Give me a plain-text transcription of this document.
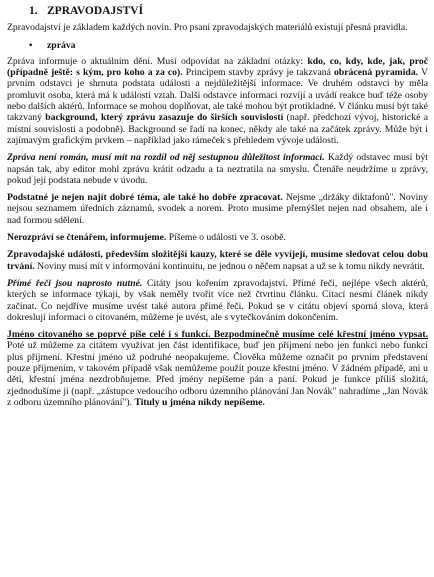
1. ZPRAVODAJSTVÍ

Zpravodajství je základem každých novin. Pro psaní zpravodajských materiálů existují přesná pravidla.

• zpráva

Zpráva informuje o aktuálním dění. Musí odpovídat na základní otázky: kdo, co, kdy, kde, jak, proč (případně ještě: s kým, pro koho a za co). Principem stavby zprávy je takzvaná obrácená pyramida. V prvním odstavci je shrnuta podstata události a nejdůležitější informace. Ve druhém odstavci by měla promluvit osoba, která má k události vztah. Další odstavce informaci rozvíjí a uvádí reakce buď téže osoby nebo dalších aktérů. Informace se mohou doplňovat, ale také mohou být protikladné. V článku musí být také takzvaný background, který zprávu zasazuje do širších souvislostí (např. předchozí vývoj, historické a místní souvislosti a podobně). Background se řadí na konec, někdy ale také na začátek zprávy. Může být i zajímavým grafickým prvkem – například jako rámeček s přehledem vývoje události.

Zpráva není román, musí mít na rozdíl od něj sestupnou důležitost informací. Každý odstavec musí být napsán tak, aby editor mohl zprávu krátit odzadu a ta neztratila na smyslu. Čtenáře neudržíme u zprávy, pokud její podstata nebude v úvodu.

Podstatné je nejen najít dobré téma, ale také ho dobře zpracovat. Nejsme „držáky diktafonů". Noviny nejsou seznamem úředních záznamů, svodek a norem. Proto musíme přemýšlet nejen nad obsahem, ale i nad formou sdělení.

Nerozpráví se čtenářem, informujeme. Píšeme o události ve 3. osobě.

Zpravodajské události, především složitější kauzy, které se děle vyvíjejí, musíme sledovat celou dobu trvání. Noviny musí mít v informování kontinuitu, ne jednou o něčem napsat a už se k tomu nikdy nevrátit.

Přímé řeči jsou naprosto nutné. Citáty jsou kořením zpravodajství. Přímé řeči, nejlépe všech aktérů, kterých se informace týkají, by však neměly tvořit více než čtvrtinu článku. Citací nesmí článek nikdy začínat. Co nejdříve musíme uvést také autora přímé řeči. Pokud se v citátu objeví sporná slova, která dokreslují informaci o citovaném, můžeme je uvést, ale s vytečkováním dokončením.

Jméno citovaného se poprvé píše celé i s funkcí. Bezpodmínečně musíme celé křestní jméno vypsat. Poté už můžeme za citátem využívat jen část identifikace, buď jen příjmení nebo jen funkci nebo funkci plus příjmení. Křestní jméno už podruhé neopakujeme. Člověka můžeme označit po prvním představení pouze příjmením, v takovém případě však nemůžeme použít pouze křestní jméno. V žádném případě, ani u dětí, křestní jména nezdrobňujeme. Před jmény nepíšeme pán a paní. Pokud je funkce příliš složitá, zjednodušíme ji (např. „zástupce vedoucího odboru územního plánování Jan Novák" nahradíme „Jan Novák z odboru územního plánování"). Tituly u jména nikdy nepíšeme.
